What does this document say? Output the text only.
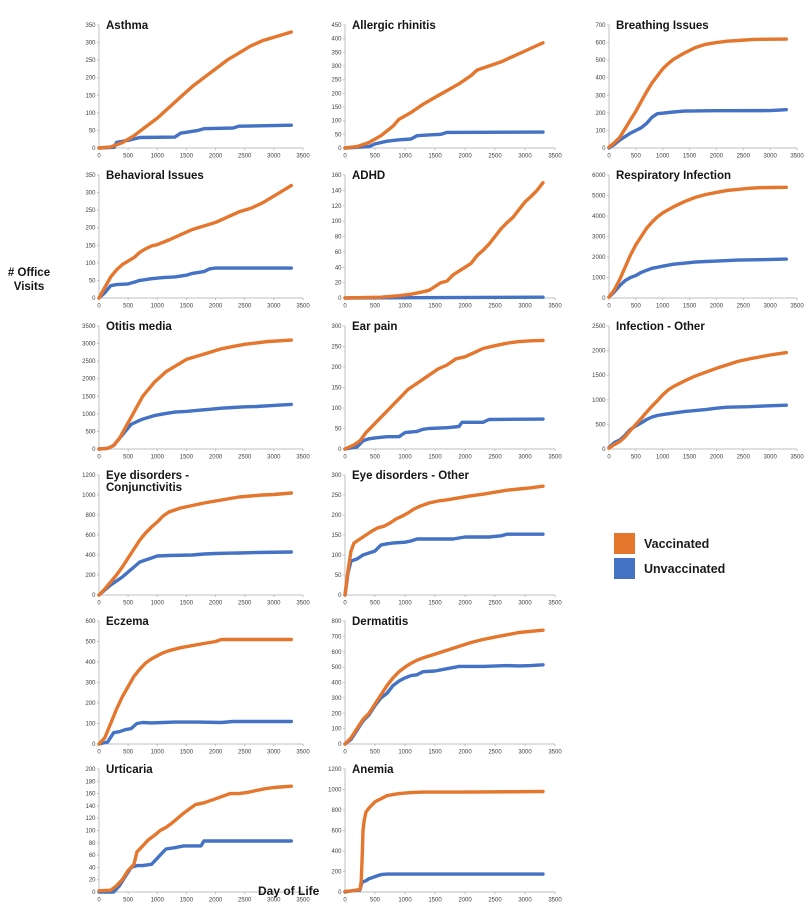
# Office
Visits
Asthma
0
50
100
150
200
250
300
350
0	500	1000	1500	2000	2500	3000	3500
Allergic rhinitis
0
50
100
150
200
250
300
350
400
450
0	500	1000	1500	2000	2500	3000	3500
Breathing Issues
0
100
200
300
400
500
600
700
0	500	1000 1500 2000 2500 3000 3500
Behavioral Issues
0
50
100
150
200
250
300
350
0	500	1000	1500	2000	2500	3000	3500
ADHD
0
20
40
60
80
100
120
140
160
0	500	1000	1500	2000	2500	3000	3500
Respiratory Infection
0
1000
2000
3000
4000
5000
6000
0	500	1000 1500 2000 2500 3000 3500
Otitis media
0
500
1000
1500
2000
2500
3000
3500
0	500	1000	1500	2000	2500	3000	3500
Ear pain
0
50
100
150
200
250
300
0	500	1000	1500	2000	2500	3000	3500
Infection - Other
0
500
1000
1500
2000
2500
0	500	1000 1500 2000 2500 3000 3500
Eye disorders - Conjunctivitis
0
200
400
600
800
1000
1200
0	500	1000	1500	2000	2500	3000	3500
Eye disorders - Other
0
50
100
150
200
250
300
0	500	1000	1500	2000	2500	3000	3500
Eczema
0
100
200
300
400
500
600
0	500	1000	1500	2000	2500	3000	3500
Dermatitis
0
100
200
300
400
500
600
700
800
0	500	1000	1500	2000	2500	3000	3500
Urticaria
0
20
40
60
80
100
120
140
160
180
200
0	500	1000	1500	2000	2500	3000	3500
Anemia
0
200
400
600
800
1000
1200
0	500	1000	1500	2000	2500	3000	3500
Vaccinated
Unvaccinated
Day of Life
